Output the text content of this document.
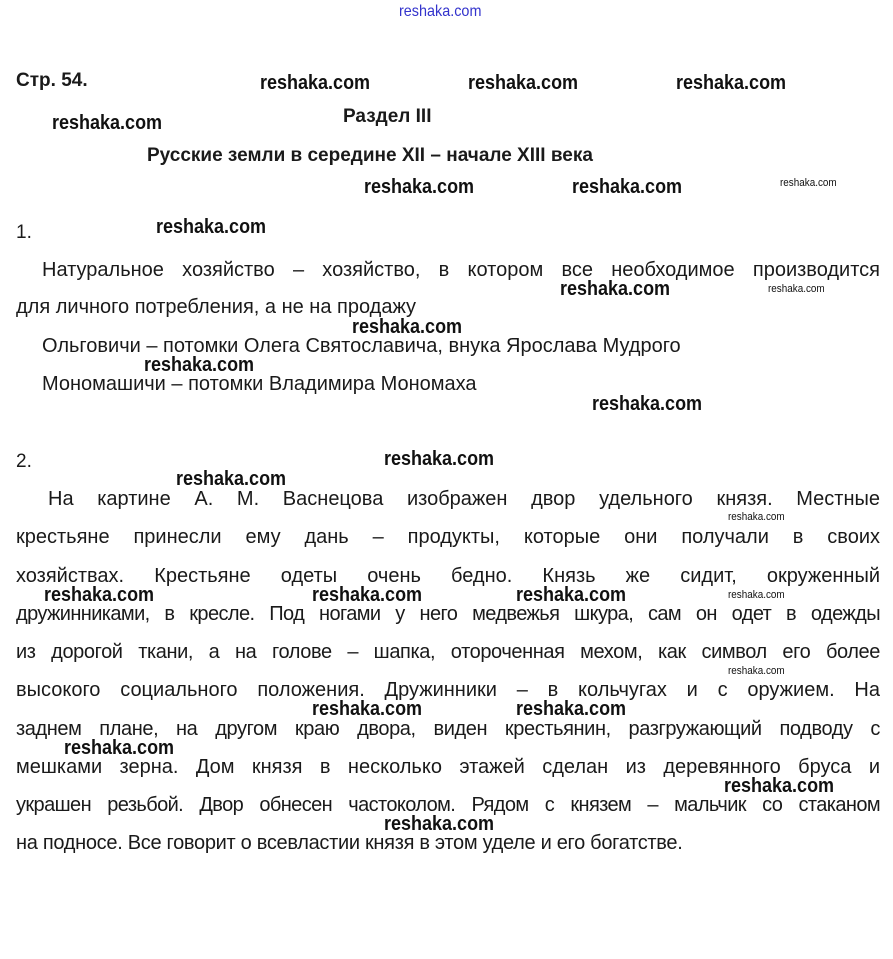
Стр. 54.
Раздел III
Русские земли в середине XII – начале XIII века
1.
Натуральное хозяйство – хозяйство, в котором все необходимое производится
для личного потребления, а не на продажу
Ольговичи – потомки Олега Святославича, внука Ярослава Мудрого
Мономашичи – потомки Владимира Мономаха
2.
На картине А. М. Васнецова изображен двор удельного князя. Местные
крестьяне принесли ему дань – продукты, которые они получали в своих
хозяйствах. Крестьяне одеты очень бедно. Князь же сидит, окруженный
дружинниками, в кресле. Под ногами у него медвежья шкура, сам он одет в одежды
из дорогой ткани, а на голове – шапка, отороченная мехом, как символ его более
высокого социального положения. Дружинники – в кольчугах и с оружием. На
заднем плане, на другом краю двора, виден крестьянин, разгружающий подводу с
мешками зерна. Дом князя в несколько этажей сделан из деревянного бруса и
украшен резьбой. Двор обнесен частоколом. Рядом с князем – мальчик со стаканом
на подносе. Все говорит о всевластии князя в этом уделе и его богатстве.
reshaka.com
reshaka.com	reshaka.com	reshaka.com
reshaka.com
reshaka.com	reshaka.com	reshaka.com
reshaka.com
reshaka.com	reshaka.com
reshaka.com
reshaka.com
reshaka.com
reshaka.com
reshaka.com
reshaka.com
reshaka.com	reshaka.com	reshaka.com	reshaka.com
reshaka.com
reshaka.com	reshaka.com
reshaka.com
reshaka.com
reshaka.com
